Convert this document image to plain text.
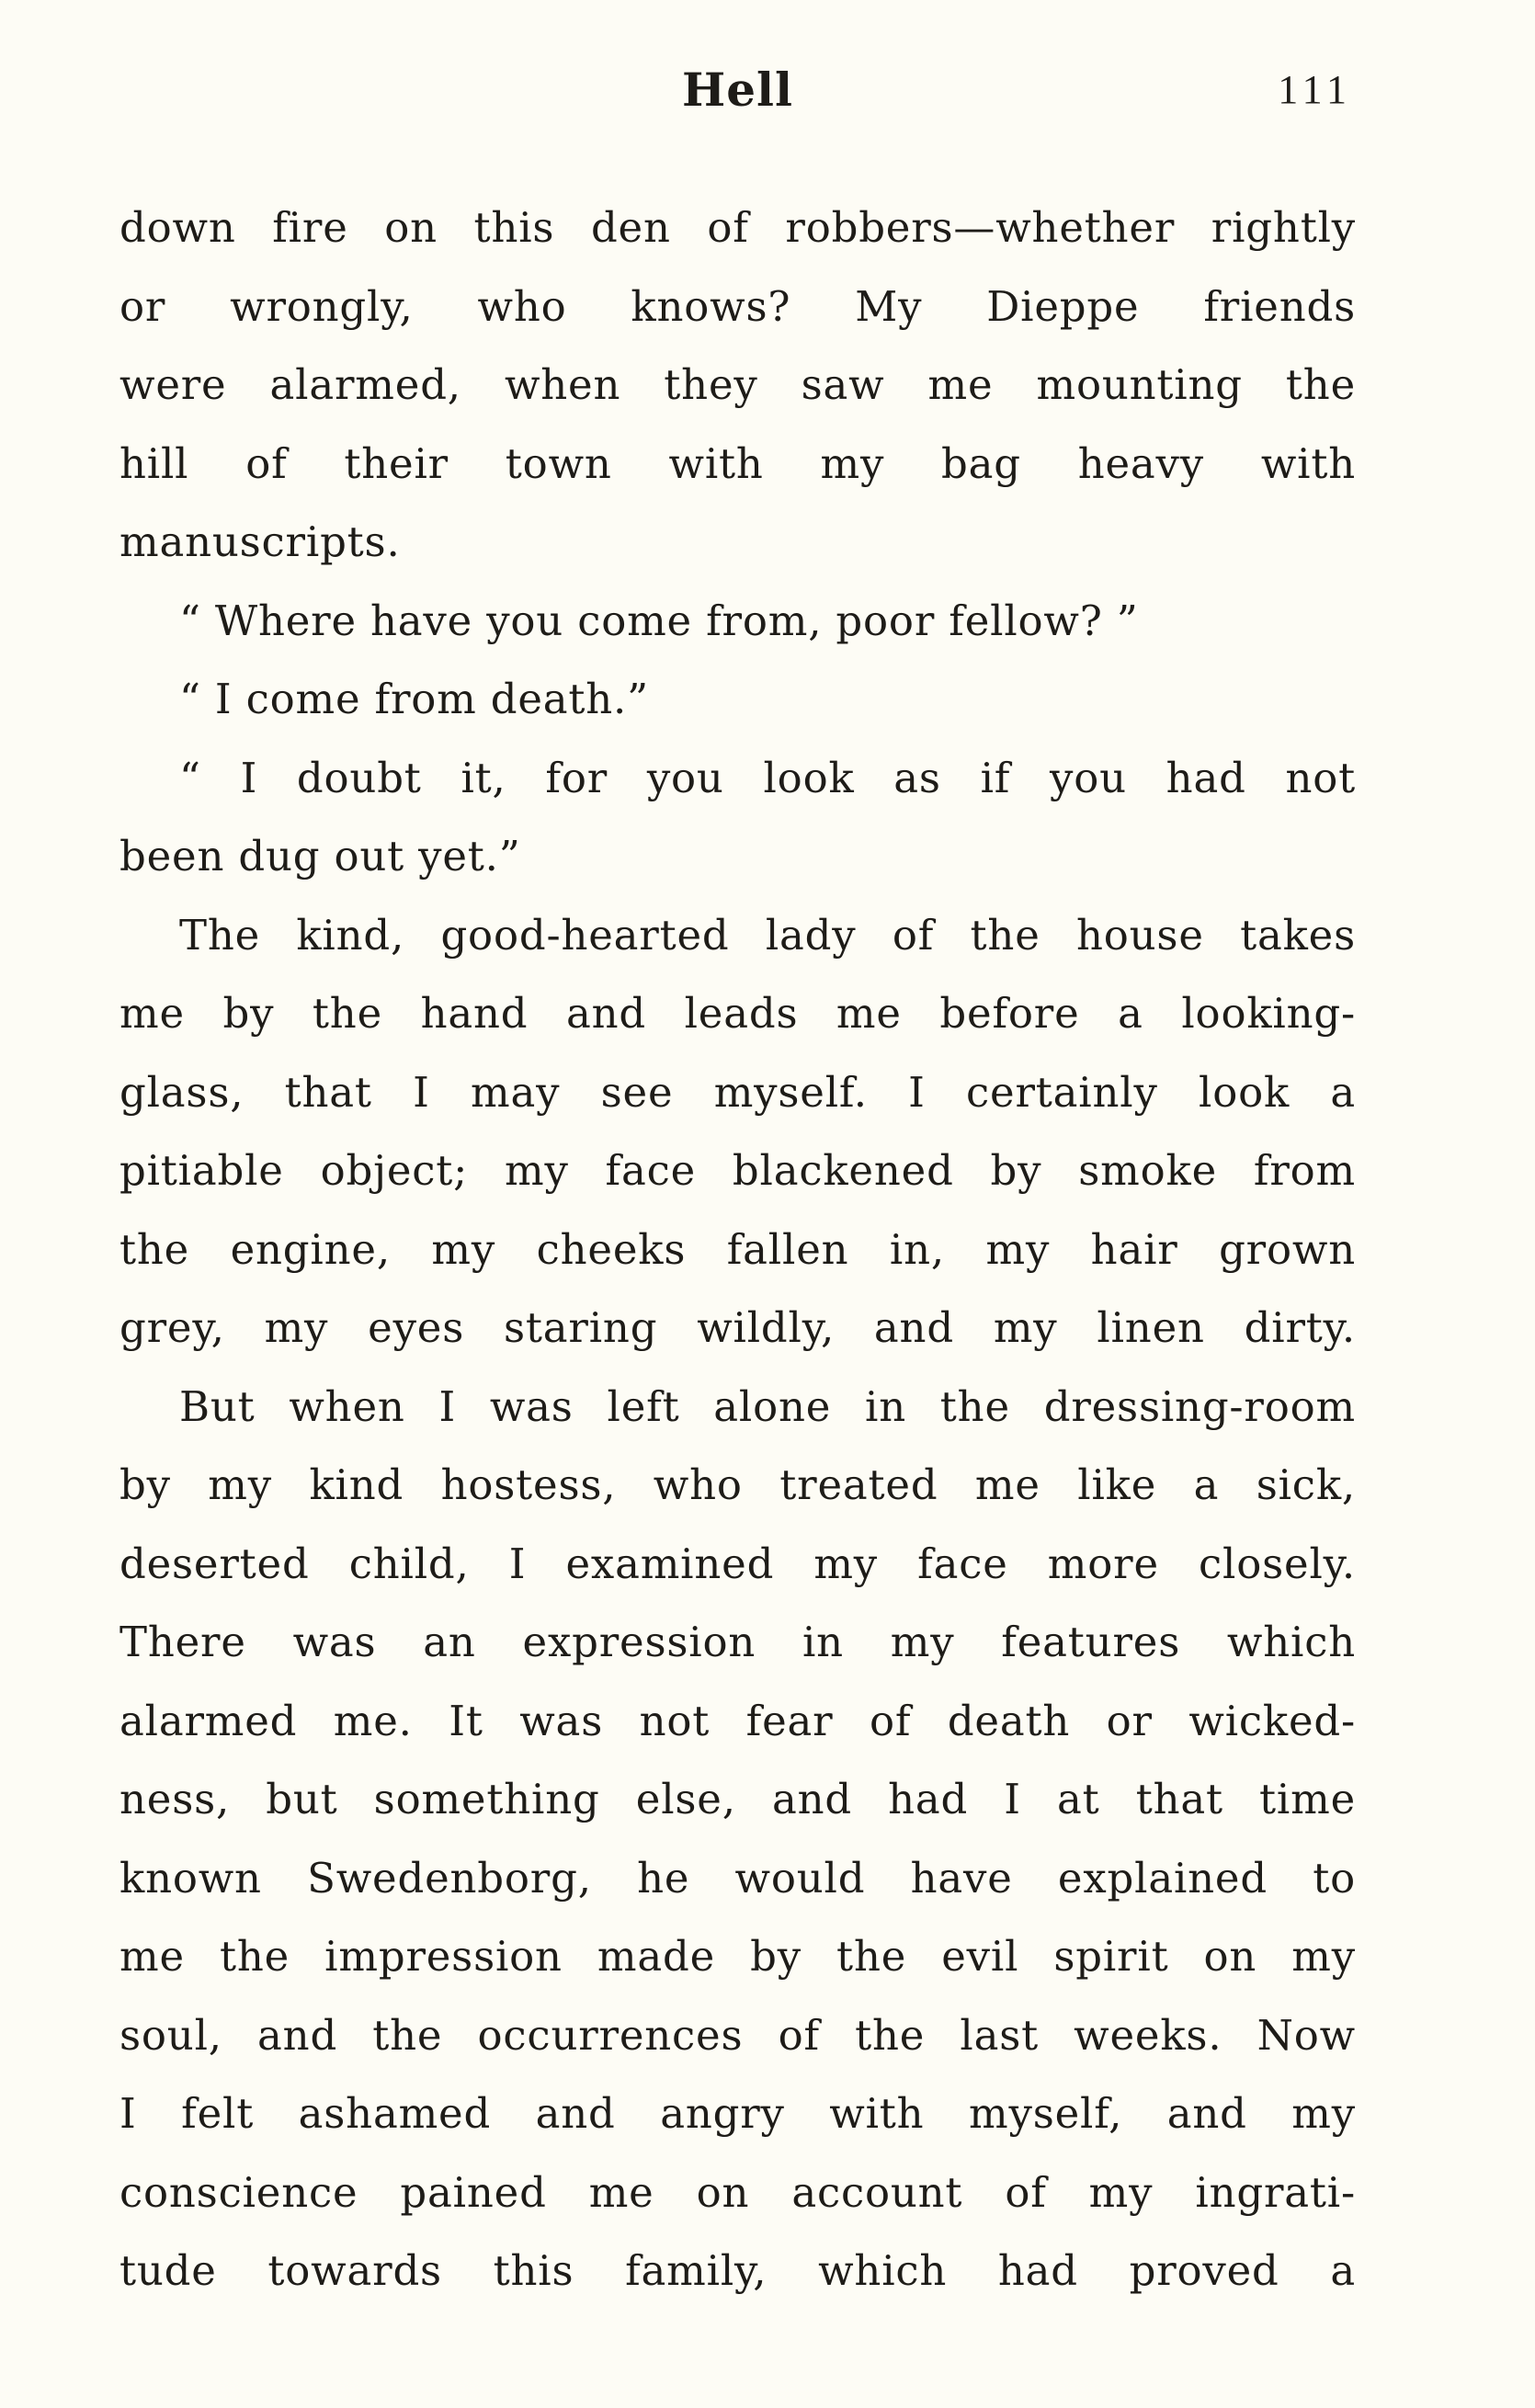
Hell	111
down fire on this den of robbers—whether rightly
or wrongly, who knows? My Dieppe friends
were alarmed, when they saw me mounting the
hill of their town with my bag heavy with
manuscripts.
“ Where have you come from, poor fellow? ”
“ I come from death.”
“ I doubt it, for you look as if you had not
been dug out yet.”
The kind, good-hearted lady of the house takes
me by the hand and leads me before a looking-
glass, that I may see myself. I certainly look a
pitiable object; my face blackened by smoke from
the engine, my cheeks fallen in, my hair grown
grey, my eyes staring wildly, and my linen dirty.
But when I was left alone in the dressing-room
by my kind hostess, who treated me like a sick,
deserted child, I examined my face more closely.
There was an expression in my features which
alarmed me. It was not fear of death or wicked-
ness, but something else, and had I at that time
known Swedenborg, he would have explained to
me the impression made by the evil spirit on my
soul, and the occurrences of the last weeks. Now
I felt ashamed and angry with myself, and my
conscience pained me on account of my ingrati-
tude towards this family, which had proved a
